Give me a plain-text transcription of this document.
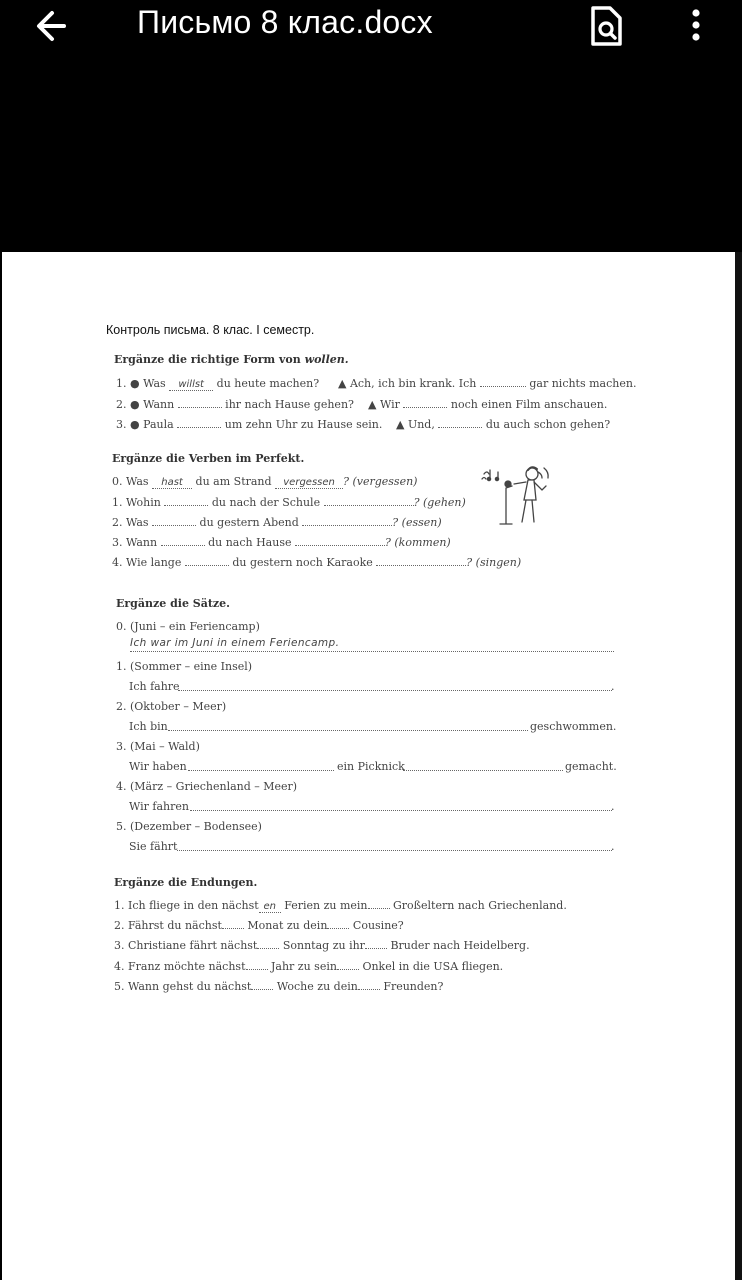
Письмо 8 клас.docx
Контроль письма. 8 клас. I семестр.
Ergänze die richtige Form von wollen.
1. ● Was willst du heute machen? ▲ Ach, ich bin krank. Ich	gar nichts machen.
2. ● Wann	ihr nach Hause gehen? ▲ Wir	noch einen Film anschauen.
3. ● Paula	um zehn Uhr zu Hause sein. ▲ Und,	du auch schon gehen?
Ergänze die Verben im Perfekt.
0. Was hast du am Strand vergessen ? (vergessen)
1. Wohin	du nach der Schule	? (gehen)
2. Was	du gestern Abend	? (essen)
3. Wann	du nach Hause	? (kommen)
4. Wie lange	du gestern noch Karaoke	? (singen)
Ergänze die Sätze.
0. (Juni – ein Feriencamp)
Ich war im Juni in einem Feriencamp.
1. (Sommer – eine Insel)
Ich fahre	.
2. (Oktober – Meer)
Ich bin	geschwommen.
3. (Mai – Wald)
Wir haben	ein Picknick	gemacht.
4. (März – Griechenland – Meer)
Wir fahren	.
5. (Dezember – Bodensee)
Sie fährt	.
Ergänze die Endungen.
1. Ich fliege in den nächst en Ferien zu mein Großeltern nach Griechenland.
2. Fährst du nächst Monat zu dein Cousine?
3. Christiane fährt nächst Sonntag zu ihr Bruder nach Heidelberg.
4. Franz möchte nächst Jahr zu sein Onkel in die USA fliegen.
5. Wann gehst du nächst Woche zu dein Freunden?
